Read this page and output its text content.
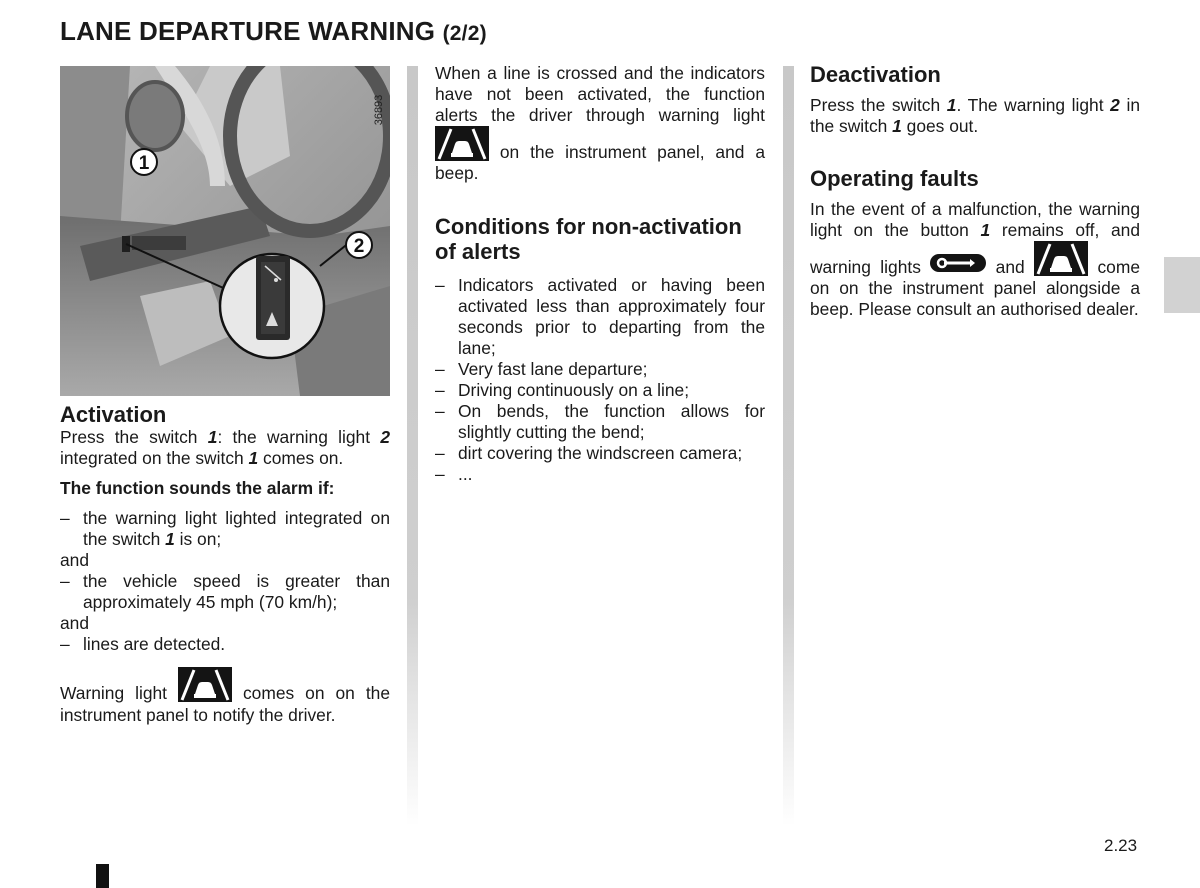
LANE DEPARTURE WARNING (2/2)
1
2
36893
Activation

Press the switch 1: the warning light 2 integrated on the switch 1 comes on.

The function sounds the alarm if:

– the warning light lighted integrated on the switch 1 is on;

and

– the vehicle speed is greater than approximately 45 mph (70 km/h);

and

– lines are detected.

Warning light	comes on on the instrument panel to notify the driver.

When a line is crossed and the indicators have not been activated, the function alerts the driver through warning light
on the instrument panel, and a beep.

Conditions for non-activation of alerts
– Indicators activated or having been activated less than approximately four seconds prior to departing from the lane;
– Very fast lane departure;
– Driving continuously on a line;
– On bends, the function allows for slightly cutting the bend;
– dirt covering the windscreen camera;
– ...
Deactivation

Press the switch 1. The warning light 2 in the switch 1 goes out.

Operating faults

In the event of a malfunction, the warning light on the button 1 remains off, and warning lights	and	come on on the instrument panel alongside a beep. Please consult an authorised dealer.

2.23
